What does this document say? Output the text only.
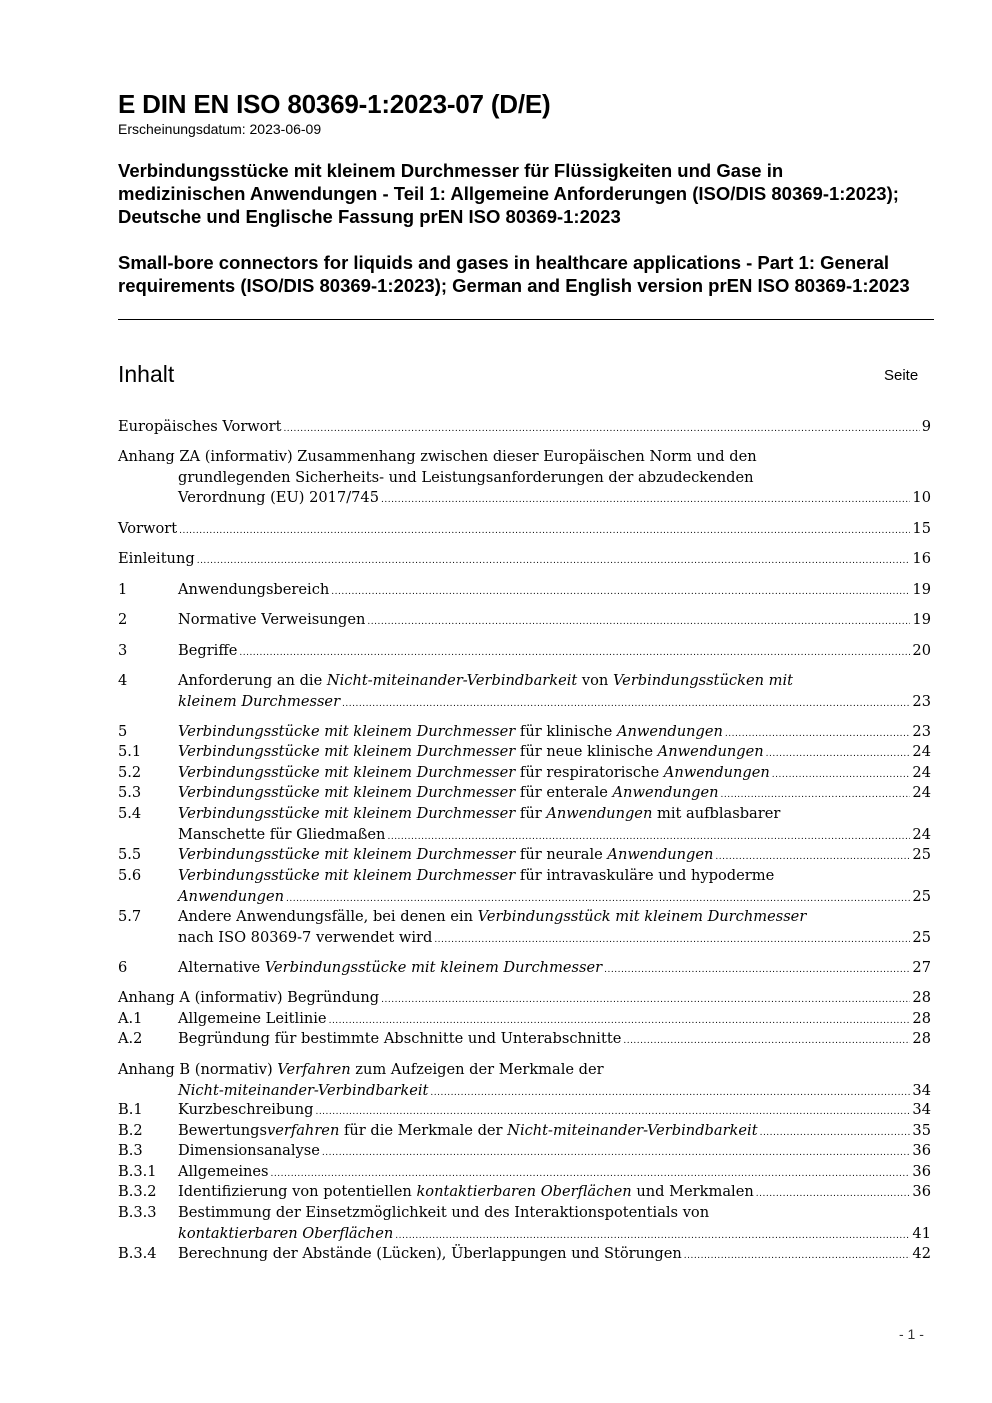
E DIN EN ISO 80369-1:2023-07 (D/E)
Erscheinungsdatum: 2023-06-09
Verbindungsstücke mit kleinem Durchmesser für Flüssigkeiten und Gase in medizinischen Anwendungen - Teil 1: Allgemeine Anforderungen (ISO/DIS 80369-1:2023); Deutsche und Englische Fassung prEN ISO 80369-1:2023
Small-bore connectors for liquids and gases in healthcare applications - Part 1: General requirements (ISO/DIS 80369-1:2023); German and English version prEN ISO 80369-1:2023
Inhalt	Seite
Europäisches Vorwort .....	9
Anhang ZA (informativ) Zusammenhang zwischen dieser Europäischen Norm und den
grundlegenden Sicherheits- und Leistungsanforderungen der abzudeckenden
Verordnung (EU) 2017/745 .....	10
Vorwort .....	15
Einleitung .....	16
1	Anwendungsbereich .....	19
2	Normative Verweisungen .....	19
3	Begriffe .....	20
4	Anforderung an die Nicht-miteinander-Verbindbarkeit von Verbindungsstücken mit
kleinem Durchmesser .....	23
5	Verbindungsstücke mit kleinem Durchmesser für klinische Anwendungen .....	23
5.1	Verbindungsstücke mit kleinem Durchmesser für neue klinische Anwendungen .....	24
5.2	Verbindungsstücke mit kleinem Durchmesser für respiratorische Anwendungen .....	24
5.3	Verbindungsstücke mit kleinem Durchmesser für enterale Anwendungen .....	24
5.4	Verbindungsstücke mit kleinem Durchmesser für Anwendungen mit aufblasbarer
Manschette für Gliedmaßen .....	24
5.5	Verbindungsstücke mit kleinem Durchmesser für neurale Anwendungen .....	25
5.6	Verbindungsstücke mit kleinem Durchmesser für intravaskuläre und hypoderme
Anwendungen .....	25
5.7	Andere Anwendungsfälle, bei denen ein Verbindungsstück mit kleinem Durchmesser
nach ISO 80369-7 verwendet wird .....	25
6	Alternative Verbindungsstücke mit kleinem Durchmesser .....	27
Anhang A (informativ) Begründung .....	28
A.1 Allgemeine Leitlinie .....	28
A.2 Begründung für bestimmte Abschnitte und Unterabschnitte .....	28
Anhang B (normativ) Verfahren zum Aufzeigen der Merkmale der
Nicht-miteinander-Verbindbarkeit .....	34
B.1 Kurzbeschreibung .....	34
B.2 Bewertungsverfahren für die Merkmale der Nicht-miteinander-Verbindbarkeit .....	35
B.3 Dimensionsanalyse .....	36
B.3.1 Allgemeines .....	36
B.3.2 Identifizierung von potentiellen kontaktierbaren Oberflächen und Merkmalen .....	36
B.3.3 Bestimmung der Einsetzmöglichkeit und des Interaktionspotentials von
kontaktierbaren Oberflächen .....	41
B.3.4 Berechnung der Abstände (Lücken), Überlappungen und Störungen .....	42
- 1 -
